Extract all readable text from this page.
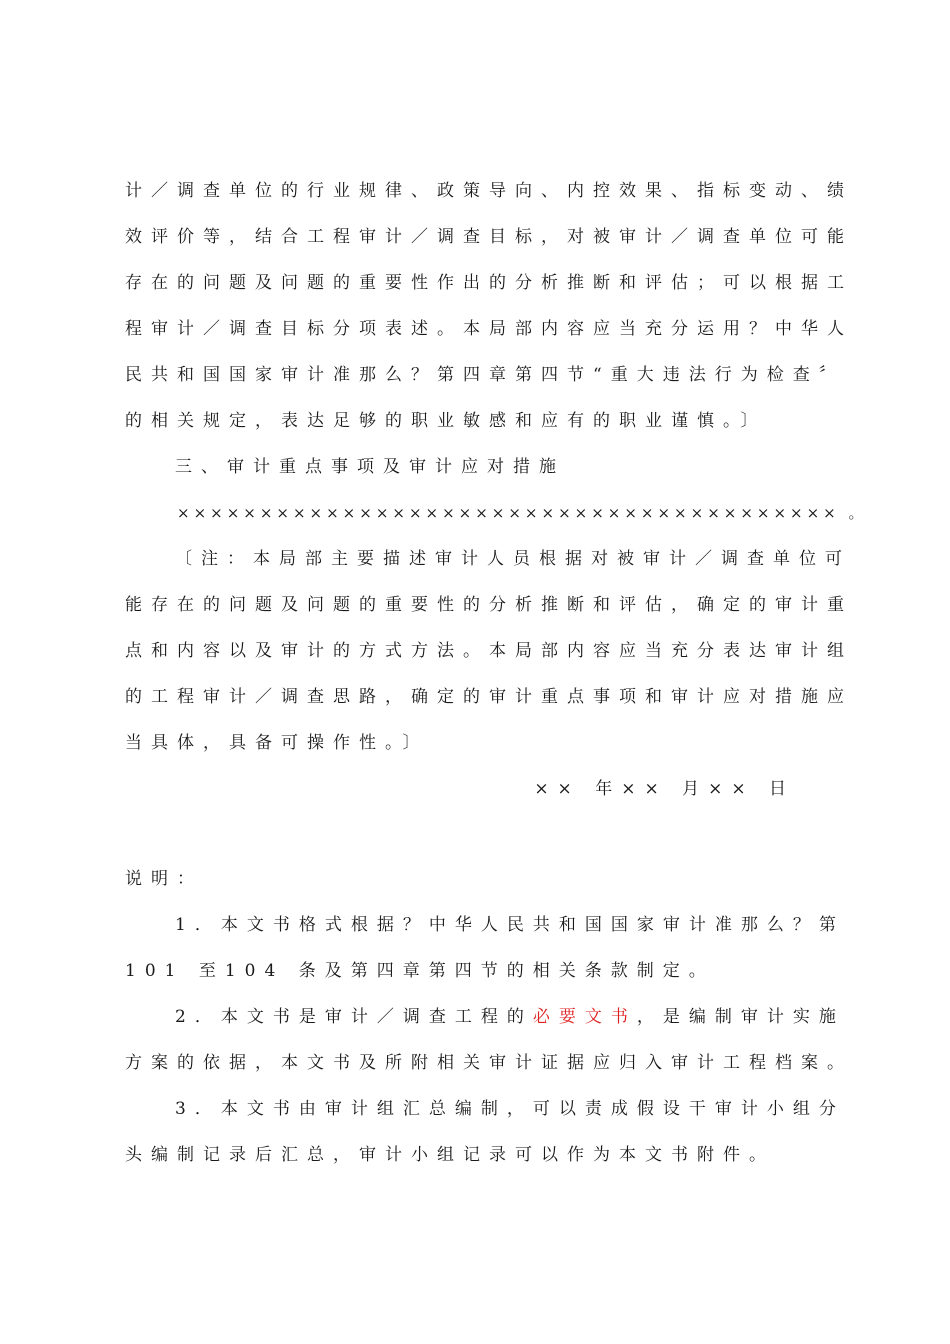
计／调查单位的行业规律、政策导向、内控效果、指标变动、绩
效评价等，结合工程审计／调查目标，对被审计／调查单位可能
存在的问题及问题的重要性作出的分析推断和评估；可以根据工
程审计／调查目标分项表述。本局部内容应当充分运用？中华人
民共和国国家审计准那么？第四章第四节“重大违法行为检查〞
的相关规定，表达足够的职业敏感和应有的职业谨慎。〕
三、审计重点事项及审计应对措施
×××××××××××××××××××××××××××××××××××××××× 。
〔注：本局部主要描述审计人员根据对被审计／调查单位可
能存在的问题及问题的重要性的分析推断和评估，确定的审计重
点和内容以及审计的方式方法。本局部内容应当充分表达审计组
的工程审计／调查思路，确定的审计重点事项和审计应对措施应
当具体，具备可操作性。〕
×× 年×× 月×× 日
说明：
1．本文书格式根据？中华人民共和国国家审计准那么？第
101 至104 条及第四章第四节的相关条款制定。
2．本文书是审计／调查工程的必要文书，是编制审计实施
方案的依据，本文书及所附相关审计证据应归入审计工程档案。
3．本文书由审计组汇总编制，可以责成假设干审计小组分
头编制记录后汇总，审计小组记录可以作为本文书附件。
